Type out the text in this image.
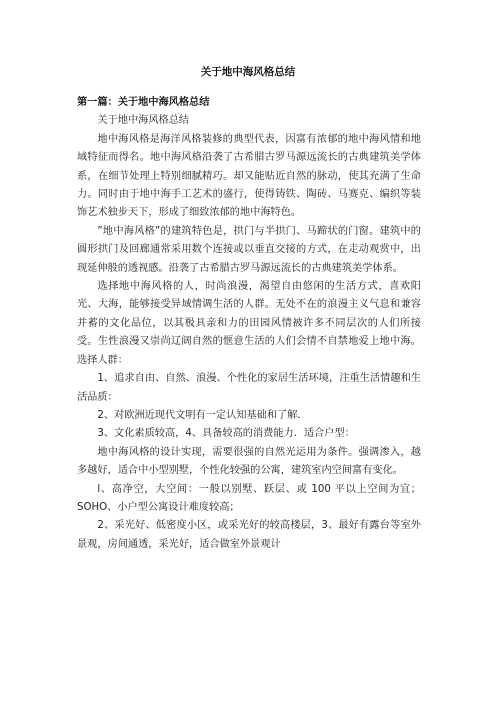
关于地中海风格总结

第一篇：关于地中海风格总结

关于地中海风格总结

地中海风格是海洋风格装修的典型代表，因富有浓郁的地中海风情和地域特征而得名。地中海风格沿袭了古希腊古罗马源远流长的古典建筑美学体系，在细节处理上特别细腻精巧。却又能贴近自然的脉动，使其充满了生命力。同时由于地中海手工艺术的盛行，使得铸铁、陶砖、马赛克、编织等装饰艺术独步天下，形成了细致浓郁的地中海特色。

”地中海风格”的建筑特色是，拱门与半拱门、马蹄状的门窗。建筑中的圆形拱门及回廊通常采用数个连接或以垂直交接的方式，在走动观赏中，出现延伸般的透视感。沿袭了古希腊古罗马源远流长的古典建筑美学体系。

选择地中海风格的人，时尚浪漫，渴望自由悠闲的生活方式，喜欢阳光、大海，能够接受异域情调生活的人群。无处不在的浪漫主义气息和兼容并蓄的文化品位，以其极具亲和力的田园风情被许多不同层次的人们所接受。生性浪漫又崇尚辽阔自然的惬意生活的人们会情不自禁地爱上地中海。选择人群：

1、追求自由、自然、浪漫、个性化的家居生活环境，注重生活情趣和生活品质：

2、对欧洲近现代文明有一定认知基础和了解．

3、文化素质较高，4、具备较高的消费能力．适合户型：

地中海风格的设计实现，需要很强的自然光运用为条件。强调渗入，越多越好，适合中小型别墅，个性化较强的公寓，建筑室内空间富有变化。

l、高净空，大空间：一般以别墅、跃层、或 100 平以上空间为宜；SOHO、小户型公寓设计难度较高；

2、采光好、低密度小区，或采光好的较高楼层，3、最好有露台等室外景观，房间通透，采光好，适合做室外景观计
